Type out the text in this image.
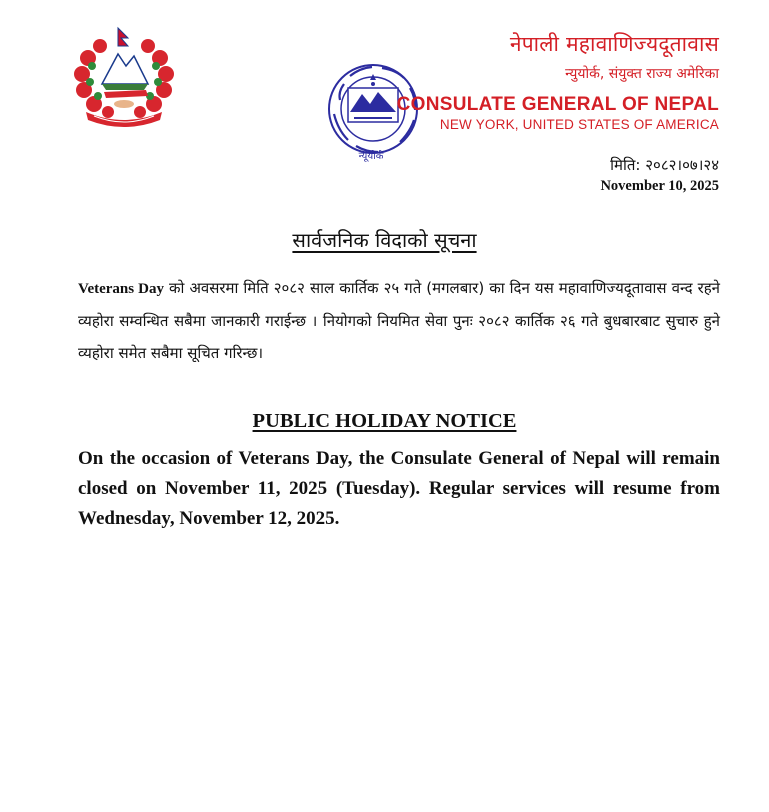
न्यूयोर्क
नेपाली महावाणिज्यदूतावास
न्युयोर्क, संयुक्त राज्य अमेरिका
CONSULATE GENERAL OF NEPAL
NEW YORK, UNITED STATES OF AMERICA
मिति: २०८२।०७।२४
November 10, 2025
सार्वजनिक विदाको सूचना
Veterans Day को अवसरमा मिति २०८२ साल कार्तिक २५ गते (मगलबार) का दिन यस महावाणिज्यदूतावास वन्द रहने व्यहोरा सम्वन्धित सबैमा जानकारी गराईन्छ । नियोगको नियमित सेवा पुनः २०८२ कार्तिक २६ गते बुधबारबाट सुचारु हुने व्यहोरा समेत सबैमा सूचित गरिन्छ।
PUBLIC HOLIDAY NOTICE
On the occasion of Veterans Day, the Consulate General of Nepal will remain closed on November 11, 2025 (Tuesday). Regular services will resume from Wednesday, November 12, 2025.
